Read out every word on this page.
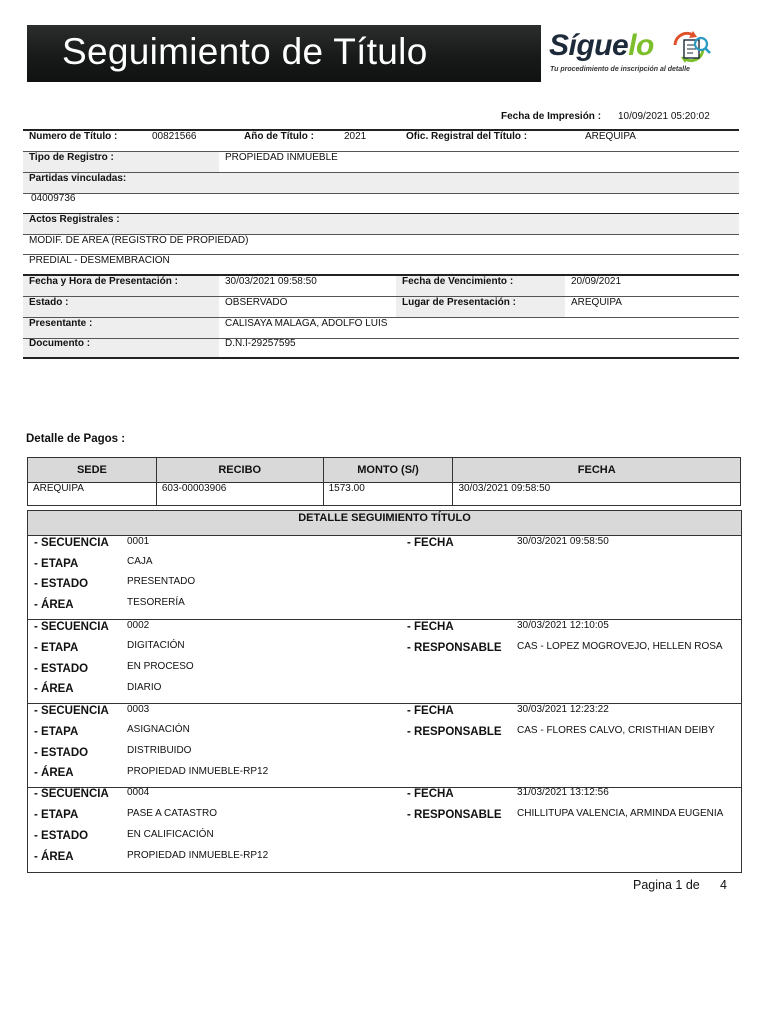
Seguimiento de Título	Síguelo
Tu procedimiento de inscripción al detalle
Fecha de Impresión : 10/09/2021 05:20:02
Numero de Título :	00821566	Año de Título :	2021	Ofic. Registral del Título :	AREQUIPA
Tipo de Registro :	PROPIEDAD INMUEBLE
Partidas vinculadas:
04009736
Actos Registrales :
MODIF. DE AREA (REGISTRO DE PROPIEDAD)
PREDIAL - DESMEMBRACION
Fecha y Hora de Presentación :	30/03/2021 09:58:50	Fecha de Vencimiento :	20/09/2021
Estado :	OBSERVADO	Lugar de Presentación :	AREQUIPA
Presentante :	CALISAYA MALAGA, ADOLFO LUIS
Documento :	D.N.I-29257595
Detalle de Pagos :
SEDE	RECIBO	MONTO (S/)	FECHA
AREQUIPA	603-00003906	1573.00	30/03/2021 09:58:50
DETALLE SEGUIMIENTO TÍTULO
- SECUENCIA 0001	- FECHA	30/03/2021 09:58:50
- ETAPA	CAJA
- ESTADO	PRESENTADO
- ÁREA	TESORERÍA
- SECUENCIA 0002	- FECHA	30/03/2021 12:10:05
- ETAPA	DIGITACIÓN	- RESPONSABLE CAS - LOPEZ MOGROVEJO, HELLEN ROSA
- ESTADO	EN PROCESO
- ÁREA	DIARIO
- SECUENCIA 0003	- FECHA	30/03/2021 12:23:22
- ETAPA	ASIGNACIÓN	- RESPONSABLE CAS - FLORES CALVO, CRISTHIAN DEIBY
- ESTADO	DISTRIBUIDO
- ÁREA	PROPIEDAD INMUEBLE-RP12
- SECUENCIA 0004	- FECHA	31/03/2021 13:12:56
- ETAPA	PASE A CATASTRO	- RESPONSABLE CHILLITUPA VALENCIA, ARMINDA EUGENIA
- ESTADO	EN CALIFICACIÓN
- ÁREA	PROPIEDAD INMUEBLE-RP12
Pagina 1 de 4
